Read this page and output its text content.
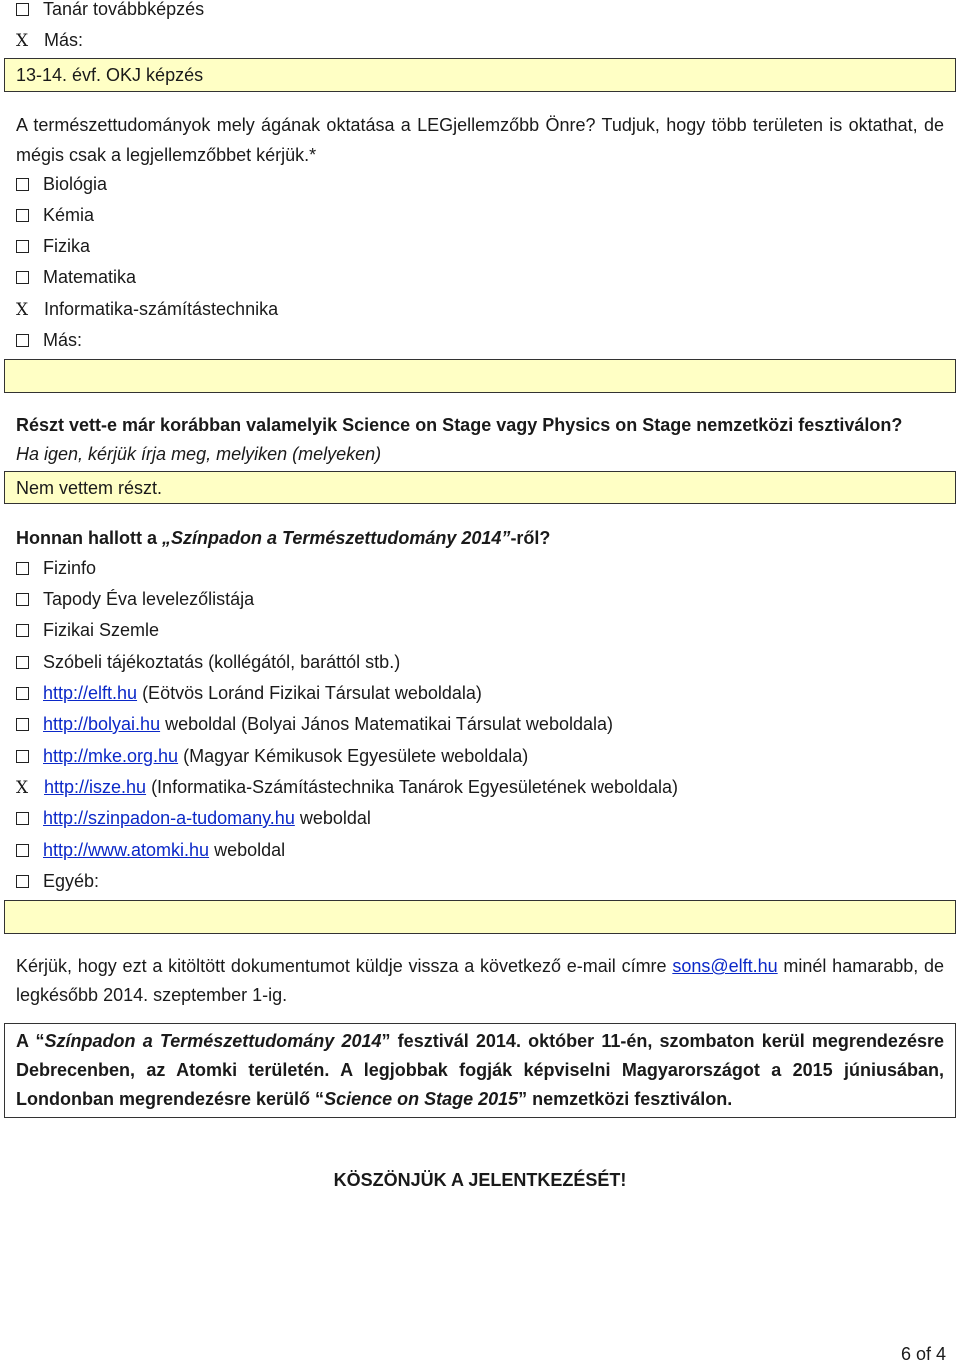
Tanár továbbképzés
X Más:
13-14. évf. OKJ képzés
A természettudományok mely ágának oktatása a LEGjellemzőbb Önre? Tudjuk, hogy több területen is oktathat, de mégis csak a legjellemzőbbet kérjük.*
Biológia
Kémia
Fizika
Matematika
X Informatika-számítástechnika
Más:
Részt vett-e már korábban valamelyik Science on Stage vagy Physics on Stage nemzetközi fesztiválon?
Ha igen, kérjük írja meg, melyiken (melyeken)
Nem vettem részt.
Honnan hallott a „Színpadon a Természettudomány 2014”-ről?
Fizinfo
Tapody Éva levelezőlistája
Fizikai Szemle
Szóbeli tájékoztatás (kollégától, baráttól stb.)
http://elft.hu (Eötvös Loránd Fizikai Társulat weboldala)
http://bolyai.hu weboldal (Bolyai János Matematikai Társulat weboldala)
http://mke.org.hu (Magyar Kémikusok Egyesülete weboldala)
X http://isze.hu (Informatika-Számítástechnika Tanárok Egyesületének weboldala)
http://szinpadon-a-tudomany.hu weboldal
http://www.atomki.hu weboldal
Egyéb:
Kérjük, hogy ezt a kitöltött dokumentumot küldje vissza a következő e-mail címre sons@elft.hu minél hamarabb, de legkésőbb 2014. szeptember 1-ig.
A “Színpadon a Természettudomány 2014” fesztivál 2014. október 11-én, szombaton kerül megrendezésre Debrecenben, az Atomki területén. A legjobbak fogják képviselni Magyarországot a 2015 júniusában, Londonban megrendezésre kerülő “Science on Stage 2015” nemzetközi fesztiválon.
KÖSZÖNJÜK A JELENTKEZÉSÉT!
6 of 4
